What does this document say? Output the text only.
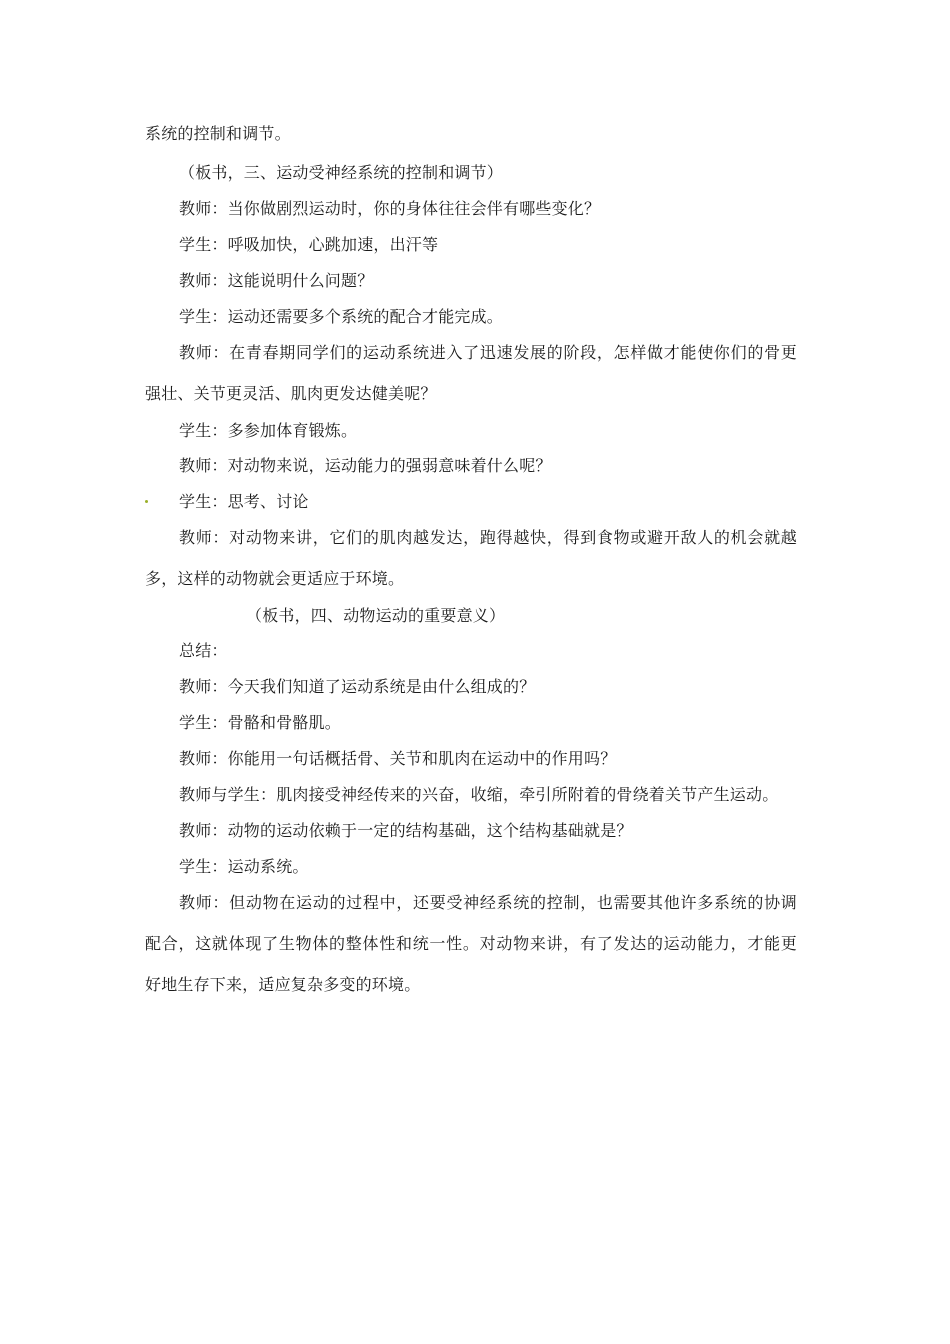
系统的控制和调节。
（板书，三、运动受神经系统的控制和调节）
教师：当你做剧烈运动时，你的身体往往会伴有哪些变化？
学生：呼吸加快，心跳加速，出汗等
教师：这能说明什么问题？
学生：运动还需要多个系统的配合才能完成。
教师：在青春期同学们的运动系统进入了迅速发展的阶段，怎样做才能使你们的骨更
强壮、关节更灵活、肌肉更发达健美呢？
学生：多参加体育锻炼。
教师：对动物来说，运动能力的强弱意味着什么呢？
学生：思考、讨论
教师：对动物来讲，它们的肌肉越发达，跑得越快，得到食物或避开敌人的机会就越
多，这样的动物就会更适应于环境。
（板书，四、动物运动的重要意义）
总结：
教师：今天我们知道了运动系统是由什么组成的？
学生：骨骼和骨骼肌。
教师：你能用一句话概括骨、关节和肌肉在运动中的作用吗？
教师与学生：肌肉接受神经传来的兴奋，收缩，牵引所附着的骨绕着关节产生运动。
教师：动物的运动依赖于一定的结构基础，这个结构基础就是？
学生：运动系统。
教师：但动物在运动的过程中，还要受神经系统的控制，也需要其他许多系统的协调
配合，这就体现了生物体的整体性和统一性。对动物来讲，有了发达的运动能力，才能更
好地生存下来，适应复杂多变的环境。
